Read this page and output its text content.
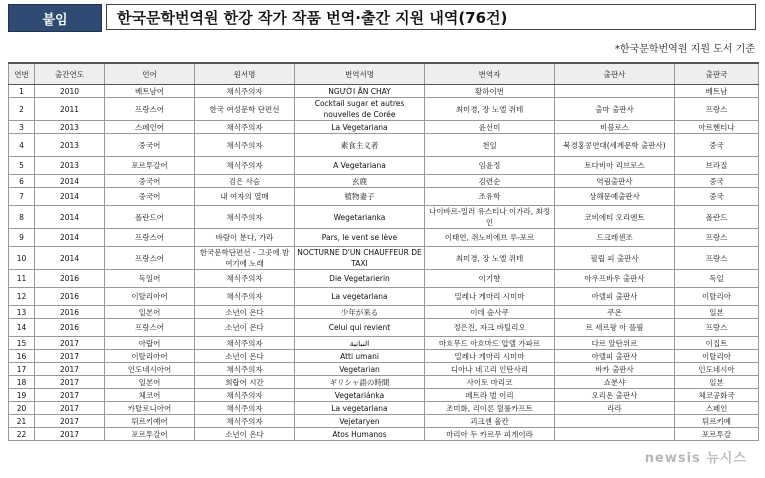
붙임	한국문학번역원 한강 작가 작품 번역·출간 지원 내역(76건)
*한국문학번역원 지원 도서 기준
연번	출간연도	언어	원서명	번역서명	번역자	출판사	출판국
1	2010	베트남어	채식주의자	NGƯỜI ĂN CHAY	황하이번		베트남
2	2011	프랑스어	한국 여성문학 단편선	Cocktail sugar et autres nouvelles de Corée	최미경, 장 노엘 쥐테	출마 출판사	프랑스
3	2013	스페인어	채식주의자	La Vegetariana	윤선미	비블로스	아르헨티나
4	2013	중국어	채식주의자	素食主义者	천일	북경홍콩연대(세계문학 출판사)	중국
5	2013	포르투갈어	채식주의자	A Vegetariana	임윤정	토다비아 리브로스	브라질
6	2014	중국어	검은 사슴	玄鹿	김련순	역림출판사	중국
7	2014	중국어	내 여자의 열매	植物妻子	조유학	상해문예출판사	중국
8	2014	폴란드어	채식주의자	Wegetarianka	나이바르-밀러 유스티나 이가라, 최정인	코비에티 오리엔트	폴란드
9	2014	프랑스어	바람이 분다, 가라	Pars, le vent se lève	이태연, 쥐노비에브 루-포르	드크레센조	프랑스
10	2014	프랑스어	한국문학단편선 - 그곳에 밤 여기에 노래	NOCTURNE D'UN CHAUFFEUR DE TAXI	최미경, 장 노엘 쥐테	필립 피 출판사	프랑스
11	2016	독일어	채식주의자	Die Vegetarierin	이기향	아우프바우 출판사	독일
12	2016	이탈리아어	채식주의자	La vegetariana	밀레나 게마리 시미마	아델피 출판사	이탈리아
13	2016	일본어	소년이 온다	少年が来る	이데 슌사쿠	쿠온	일본
14	2016	프랑스어	소년이 온다	Celui qui revient	정은진, 자크 바틸리오	르 세르팡 아 플륌	프랑스
15	2017	아랍어	채식주의자	النباتية	마흐무드 아흐마드 압델 가파르	다르 알탄위르	이집트
16	2017	이탈리아어	소년이 온다	Atti umani	밀레나 게마리 시미마	아델피 출판사	이탈리아
17	2017	인도네시아어	채식주의자	Vegetarian	디아나 네고리 인탄사리	바카 출판사	인도네시아
18	2017	일본어	희랍어 시간	ギリシャ語の時間	사이토 마리코	쇼분샤	일본
19	2017	체코어	채식주의자	Vegetariánka	페트라 벌 이리	오리온 출판사	체코공화국
20	2017	카탈로니아어	채식주의자	La vegetariana	조미화, 리이론 릴룰카프트	라라	스페인
21	2017	튀르키예어	채식주의자	Vejetaryen	괴크셴 율칸		튀르키예
22	2017	포르투갈어	소년이 온다	Atos Humanos	마리아 두 카르무 피게이라		포르투갈
newsis 뉴시스
